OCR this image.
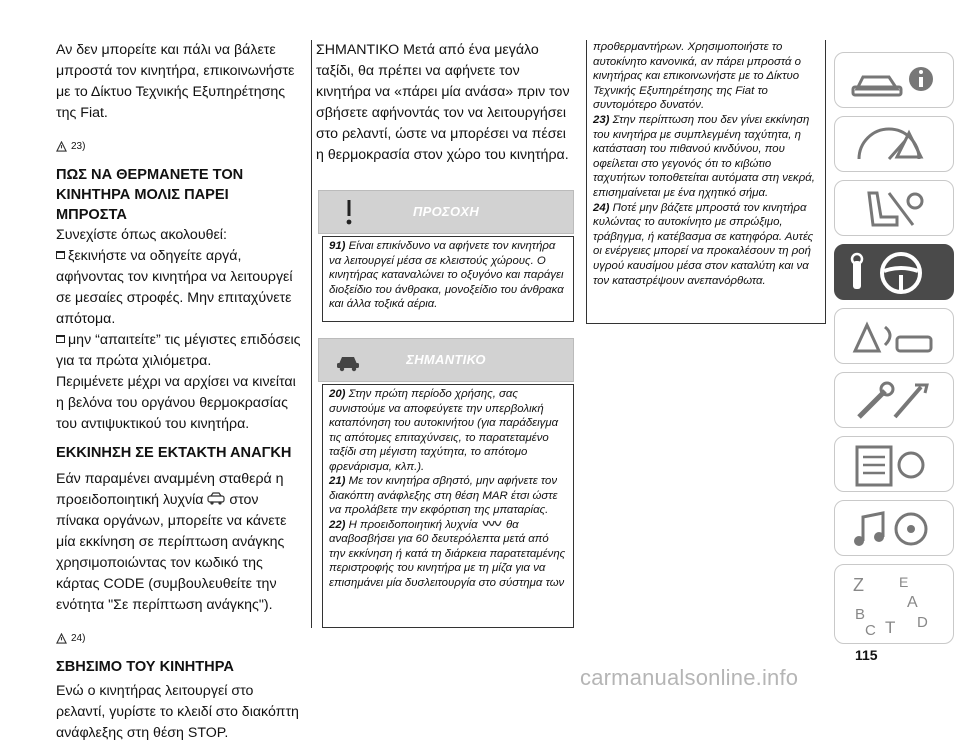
Αν δεν μπορείτε και πάλι να βάλετε μπροστά τον κινητήρα, επικοινωνήστε με το Δίκτυο Τεχνικής Εξυπηρέτησης της Fiat.

23)
ΠΩΣ ΝΑ ΘΕΡΜΑΝΕΤΕ ΤΟΝ ΚΙΝΗΤΗΡΑ ΜΟΛΙΣ ΠΑΡΕΙ ΜΠΡΟΣΤΑ

Συνεχίστε όπως ακολουθεί:

ξεκινήστε να οδηγείτε αργά, αφήνοντας τον κινητήρα να λειτουργεί σε μεσαίες στροφές. Μην επιταχύνετε απότομα.

μην “απαιτείτε” τις μέγιστες επιδόσεις για τα πρώτα χιλιόμετρα.

Περιμένετε μέχρι να αρχίσει να κινείται η βελόνα του οργάνου θερμοκρασίας του αντιψυκτικού του κινητήρα.

ΕΚΚΙΝΗΣΗ ΣΕ ΕΚΤΑΚΤΗ ΑΝΑΓΚΗ

Εάν παραμένει αναμμένη σταθερά η προειδοποιητική λυχνία στον πίνακα οργάνων, μπορείτε να κάνετε μία εκκίνηση σε περίπτωση ανάγκης χρησιμοποιώντας τον κωδικό της κάρτας CODE (συμβουλευθείτε την ενότητα "Σε περίπτωση ανάγκης").

24)
ΣΒΗΣΙΜΟ ΤΟΥ ΚΙΝΗΤΗΡΑ

Ενώ ο κινητήρας λειτουργεί στο ρελαντί, γυρίστε το κλειδί στο διακόπτη ανάφλεξης στη θέση STOP.

ΣΗΜΑΝΤΙΚΟ Μετά από ένα μεγάλο ταξίδι, θα πρέπει να αφήνετε τον κινητήρα να «πάρει μία ανάσα» πριν τον σβήσετε αφήνοντάς τον να λειτουργήσει στο ρελαντί, ώστε να μπορέσει να πέσει η θερμοκρασία στον χώρο του κινητήρα.

ΠΡΟΣΟΧΗ

91) Είναι επικίνδυνο να αφήνετε τον κινητήρα να λειτουργεί μέσα σε κλειστούς χώρους. Ο κινητήρας καταναλώνει το οξυγόνο και παράγει διοξείδιο του άνθρακα, μονοξείδιο του άνθρακα και άλλα τοξικά αέρια.

ΣΗΜΑΝΤΙΚΟ

20) Στην πρώτη περίοδο χρήσης, σας συνιστούμε να αποφεύγετε την υπερβολική καταπόνηση του αυτοκινήτου (για παράδειγμα τις απότομες επιταχύνσεις, το παρατεταμένο ταξίδι στη μέγιστη ταχύτητα, το απότομο φρενάρισμα, κλπ.).

21) Με τον κινητήρα σβηστό, μην αφήνετε τον διακόπτη ανάφλεξης στη θέση MAR έτσι ώστε να προλάβετε την εκφόρτιση της μπαταρίας.

22) Η προειδοποιητική λυχνία θα αναβοσβήσει για 60 δευτερόλεπτα μετά από την εκκίνηση ή κατά τη διάρκεια παρατεταμένης περιστροφής του κινητήρα με τη μίζα για να επισημάνει μία δυσλειτουργία στο σύστημα των

προθερμαντήρων. Χρησιμοποιήστε το αυτοκίνητο κανονικά, αν πάρει μπροστά ο κινητήρας και επικοινωνήστε με το Δίκτυο Τεχνικής Εξυπηρέτησης της Fiat το συντομότερο δυνατόν.

23) Στην περίπτωση που δεν γίνει εκκίνηση του κινητήρα με συμπλεγμένη ταχύτητα, η κατάσταση του πιθανού κινδύνου, που οφείλεται στο γεγονός ότι το κιβώτιο ταχυτήτων τοποθετείται αυτόματα στη νεκρά, επισημαίνεται με ένα ηχητικό σήμα.

24) Ποτέ μην βάζετε μπροστά τον κινητήρα κυλώντας το αυτοκίνητο με σπρώξιμο, τράβηγμα, ή κατέβασμα σε κατηφόρα. Αυτές οι ενέργειες μπορεί να προκαλέσουν τη ροή υγρού καυσίμου μέσα στον καταλύτη και να τον καταστρέψουν ανεπανόρθωτα.

Z	E
A
B
C T D
115
carmanualsonline.info
